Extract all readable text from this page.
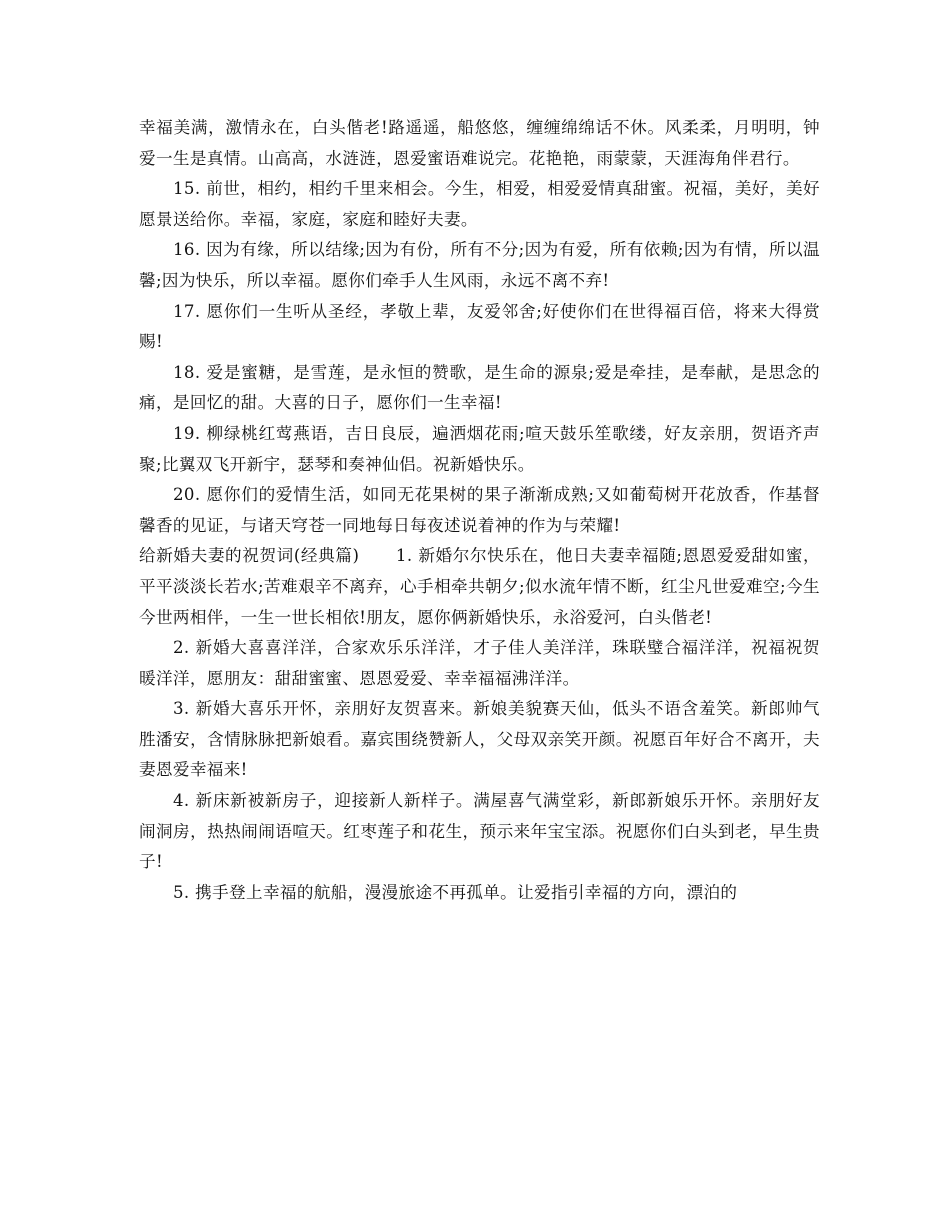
幸福美满，激情永在，白头偕老!路遥遥，船悠悠，缠缠绵绵话不休。风柔柔，月明明，钟爱一生是真情。山高高，水涟涟，恩爱蜜语难说完。花艳艳，雨蒙蒙，天涯海角伴君行。

15. 前世，相约，相约千里来相会。今生，相爱，相爱爱情真甜蜜。祝福，美好，美好愿景送给你。幸福，家庭，家庭和睦好夫妻。

16. 因为有缘，所以结缘;因为有份，所有不分;因为有爱，所有依赖;因为有情，所以温馨;因为快乐，所以幸福。愿你们牵手人生风雨，永远不离不弃!

17. 愿你们一生听从圣经，孝敬上辈，友爱邻舍;好使你们在世得福百倍，将来大得赏赐!

18. 爱是蜜糖，是雪莲，是永恒的赞歌，是生命的源泉;爱是牵挂，是奉献，是思念的痛，是回忆的甜。大喜的日子，愿你们一生幸福!

19. 柳绿桃红莺燕语，吉日良辰，遍洒烟花雨;喧天鼓乐笙歌缕，好友亲朋，贺语齐声聚;比翼双飞开新宇，瑟琴和奏神仙侣。祝新婚快乐。

20. 愿你们的爱情生活，如同无花果树的果子渐渐成熟;又如葡萄树开花放香，作基督馨香的见证，与诸天穹苍一同地每日每夜述说着神的作为与荣耀!

给新婚夫妻的祝贺词(经典篇) 1. 新婚尔尔快乐在，他日夫妻幸福随;恩恩爱爱甜如蜜，平平淡淡长若水;苦难艰辛不离弃，心手相牵共朝夕;似水流年情不断，红尘凡世爱难空;今生今世两相伴，一生一世长相依!朋友，愿你俩新婚快乐，永浴爱河，白头偕老!

2. 新婚大喜喜洋洋，合家欢乐乐洋洋，才子佳人美洋洋，珠联璧合福洋洋，祝福祝贺暖洋洋，愿朋友：甜甜蜜蜜、恩恩爱爱、幸幸福福沸洋洋。

3. 新婚大喜乐开怀，亲朋好友贺喜来。新娘美貌赛天仙，低头不语含羞笑。新郎帅气胜潘安，含情脉脉把新娘看。嘉宾围绕赞新人，父母双亲笑开颜。祝愿百年好合不离开，夫妻恩爱幸福来!

4. 新床新被新房子，迎接新人新样子。满屋喜气满堂彩，新郎新娘乐开怀。亲朋好友闹洞房，热热闹闹语喧天。红枣莲子和花生，预示来年宝宝添。祝愿你们白头到老，早生贵子!

5. 携手登上幸福的航船，漫漫旅途不再孤单。让爱指引幸福的方向，漂泊的
